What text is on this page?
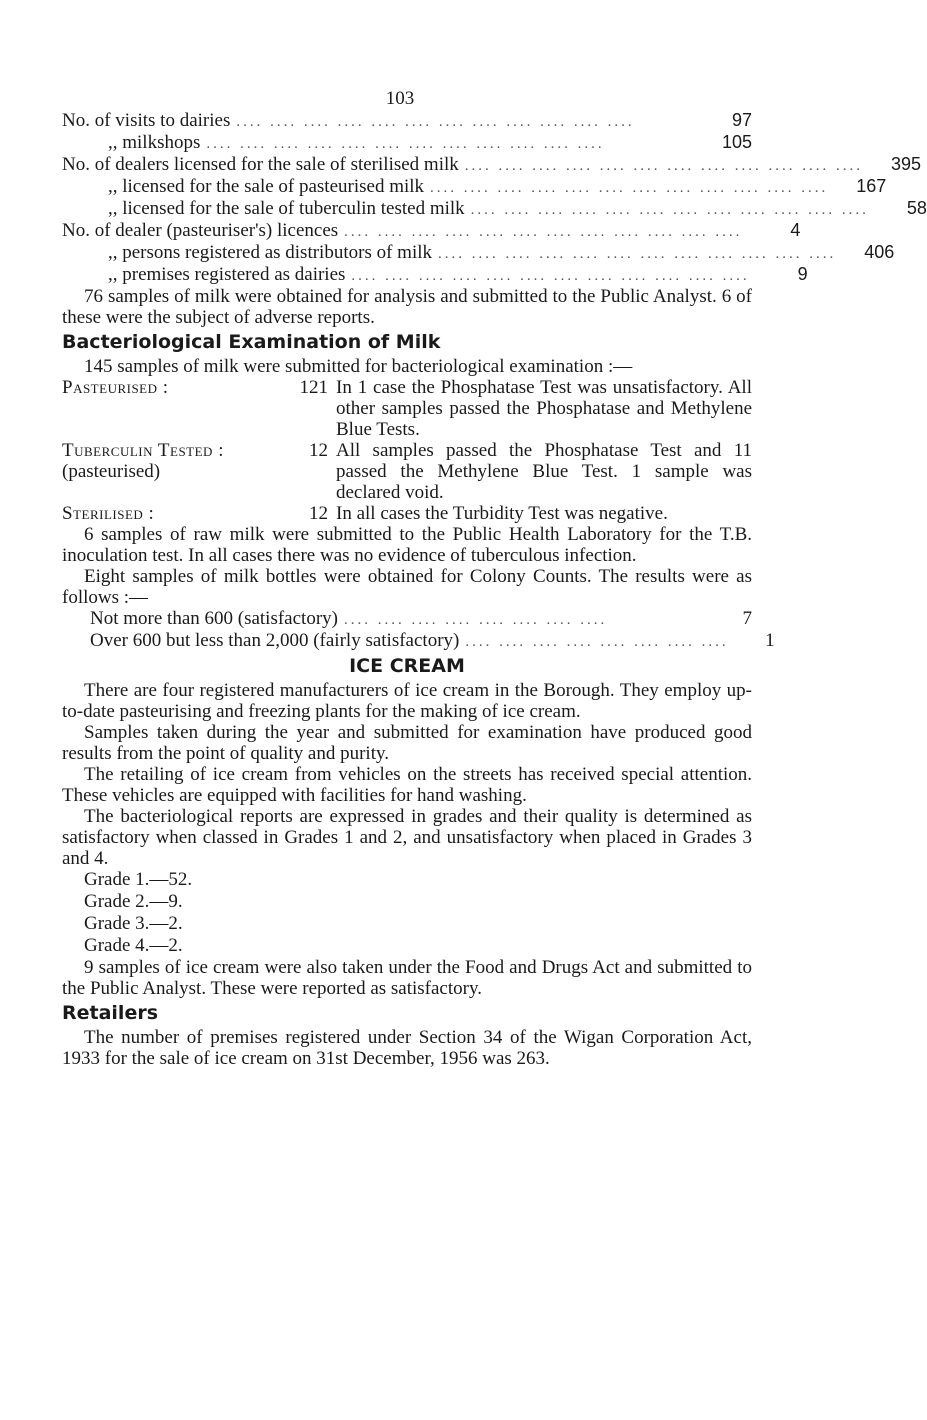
103
No. of visits to dairies .... .... .... .... .... .... .... .... .... .... .... ....	97
,, milkshops .... .... .... .... .... .... .... .... .... .... .... ....	105
No. of dealers licensed for the sale of sterilised milk .... .... .... .... .... .... .... .... .... .... .... ....	395
,, licensed for the sale of pasteurised milk .... .... .... .... .... .... .... .... .... .... .... ....	167
,, licensed for the sale of tuberculin tested milk .... .... .... .... .... .... .... .... .... .... .... ....	58
No. of dealer (pasteuriser's) licences .... .... .... .... .... .... .... .... .... .... .... ....	4
,, persons registered as distributors of milk .... .... .... .... .... .... .... .... .... .... .... ....	406
,, premises registered as dairies .... .... .... .... .... .... .... .... .... .... .... ....	9

76 samples of milk were obtained for analysis and submitted to the Public Analyst. 6 of these were the subject of adverse reports.

Bacteriological Examination of Milk

145 samples of milk were submitted for bacteriological examination :—

Pasteurised :	121 In 1 case the Phosphatase Test was unsatisfactory. All other samples passed the Phosphatase and Methylene Blue Tests.
Tuberculin Tested :
(pasteurised)
12 All samples passed the Phosphatase Test and 11 passed the Methylene Blue Test. 1 sample was declared void.
Sterilised :	12 In all cases the Turbidity Test was negative.

6 samples of raw milk were submitted to the Public Health Laboratory for the T.B. inoculation test. In all cases there was no evidence of tuberculous infection.

Eight samples of milk bottles were obtained for Colony Counts. The results were as follows :—

Not more than 600 (satisfactory) .... .... .... .... .... .... .... ....	7
Over 600 but less than 2,000 (fairly satisfactory) .... .... .... .... .... .... .... ....	1
ICE CREAM

There are four registered manufacturers of ice cream in the Borough. They employ up-to-date pasteurising and freezing plants for the making of ice cream.

Samples taken during the year and submitted for examination have produced good results from the point of quality and purity.

The retailing of ice cream from vehicles on the streets has received special attention. These vehicles are equipped with facilities for hand washing.

The bacteriological reports are expressed in grades and their quality is determined as satisfactory when classed in Grades 1 and 2, and unsatisfactory when placed in Grades 3 and 4.

Grade 1.—52.
Grade 2.—9.
Grade 3.—2.
Grade 4.—2.

9 samples of ice cream were also taken under the Food and Drugs Act and submitted to the Public Analyst. These were reported as satisfactory.

Retailers

The number of premises registered under Section 34 of the Wigan Corporation Act, 1933 for the sale of ice cream on 31st December, 1956 was 263.
